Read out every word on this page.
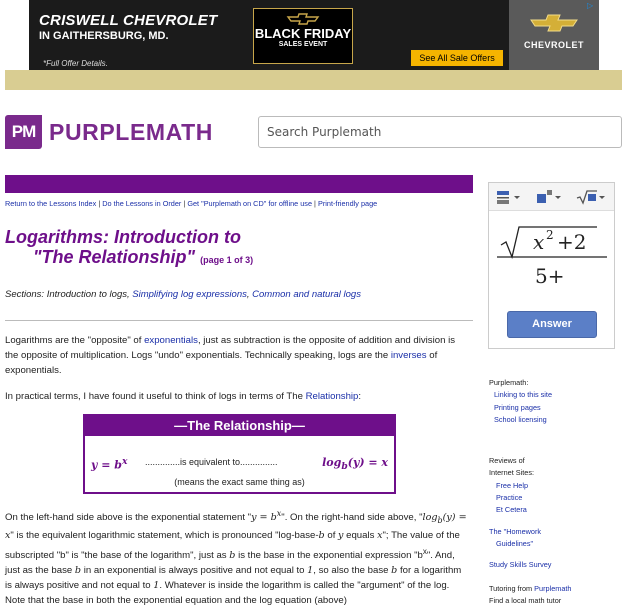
CRISWELL CHEVROLET
IN GAITHERSBURG, MD.
*Full Offer Details.
BLACK FRIDAY
SALES EVENT
See All Sale Offers
CHEVROLET
▷
PM PURPLEMATH
Search Purplemath
Return to the Lessons Index | Do the Lessons in Order | Get "Purplemath on CD" for offline use | Print-friendly page
Logarithms: Introduction to
"The Relationship" (page 1 of 3)
Sections: Introduction to logs, Simplifying log expressions, Common and natural logs
Logarithms are the "opposite" of exponentials, just as subtraction is the opposite of addition and division is the opposite of multiplication. Logs "undo" exponentials. Technically speaking, logs are the inverses of exponentials.
In practical terms, I have found it useful to think of logs in terms of The Relationship:
—The Relationship—
$y = b^x$ ..............is equivalent to...............	$\log_b(y) = x$
(means the exact same thing as)
On the left-hand side above is the exponential statement "$y = b^x$". On the right-hand side above, "$\log_b(y) = x$" is the equivalent logarithmic statement, which is pronounced "log-base-b of y equals x"; The value of the subscripted "b" is "the base of the logarithm", just as b is the base in the exponential expression "$b^x$". And, just as the base b in an exponential is always positive and not equal to 1, so also the base b for a logarithm is always positive and not equal to 1. Whatever is inside the logarithm is called the "argument" of the log. Note that the base in both the exponential equation and the log equation (above)
x 2 +2
5+
Answer
Purplemath:
Linking to this site
Printing pages
School licensing
Reviews of
Internet Sites:
Free Help
Practice
Et Cetera
The "Homework
Guidelines"
Study Skills Survey
Tutoring from Purplemath
Find a local math tutor
